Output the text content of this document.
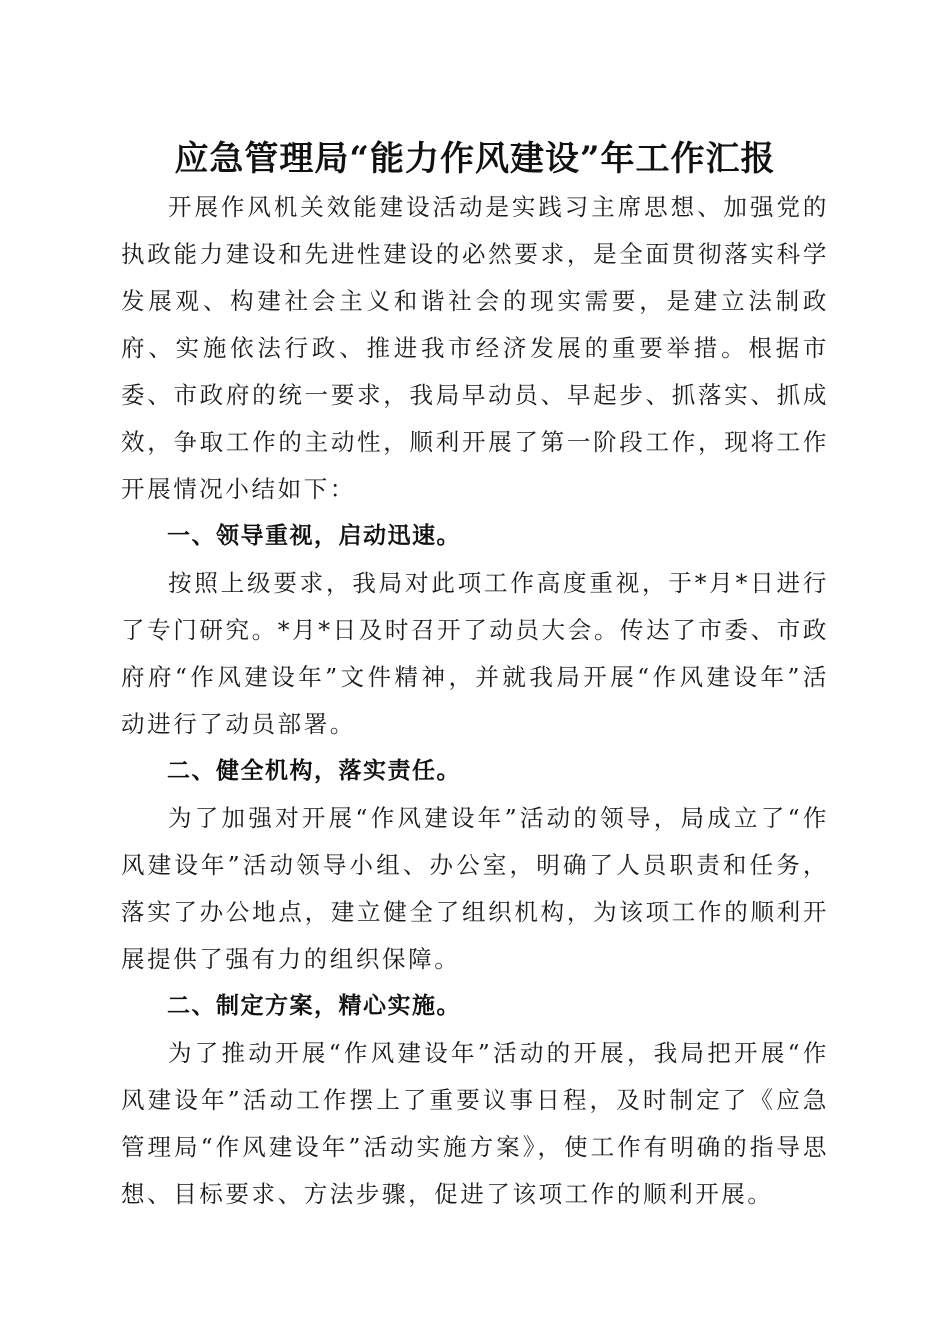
应急管理局“能力作风建设”年工作汇报

开展作风机关效能建设活动是实践习主席思想、加强党的执政能力建设和先进性建设的必然要求，是全面贯彻落实科学发展观、构建社会主义和谐社会的现实需要，是建立法制政府、实施依法行政、推进我市经济发展的重要举措。根据市委、市政府的统一要求，我局早动员、早起步、抓落实、抓成效，争取工作的主动性，顺利开展了第一阶段工作，现将工作开展情况小结如下：

一、领导重视，启动迅速。

按照上级要求，我局对此项工作高度重视，于*月*日进行了专门研究。*月*日及时召开了动员大会。传达了市委、市政府府“作风建设年”文件精神，并就我局开展“作风建设年”活动进行了动员部署。

二、健全机构，落实责任。

为了加强对开展“作风建设年”活动的领导，局成立了“作风建设年”活动领导小组、办公室，明确了人员职责和任务，落实了办公地点，建立健全了组织机构，为该项工作的顺利开展提供了强有力的组织保障。

二、制定方案，精心实施。

为了推动开展“作风建设年”活动的开展，我局把开展“作风建设年”活动工作摆上了重要议事日程，及时制定了《应急管理局“作风建设年”活动实施方案》，使工作有明确的指导思想、目标要求、方法步骤，促进了该项工作的顺利开展。
